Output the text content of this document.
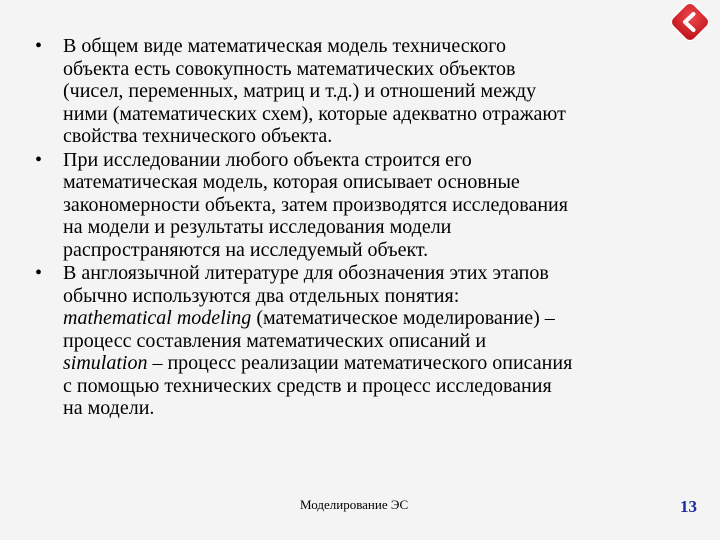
• В общем виде математическая модель технического
объекта есть совокупность математических объектов
(чисел, переменных, матриц и т.д.) и отношений между
ними (математических схем), которые адекватно отражают
свойства технического объекта.
• При исследовании любого объекта строится его
математическая модель, которая описывает основные
закономерности объекта, затем производятся исследования
на модели и результаты исследования модели
распространяются на исследуемый объект.
• В англоязычной литературе для обозначения этих этапов
обычно используются два отдельных понятия:
mathematical modeling (математическое моделирование) –
процесс составления математических описаний и
simulation – процесс реализации математического описания
с помощью технических средств и процесс исследования
на модели.
Моделирование ЭС	13
